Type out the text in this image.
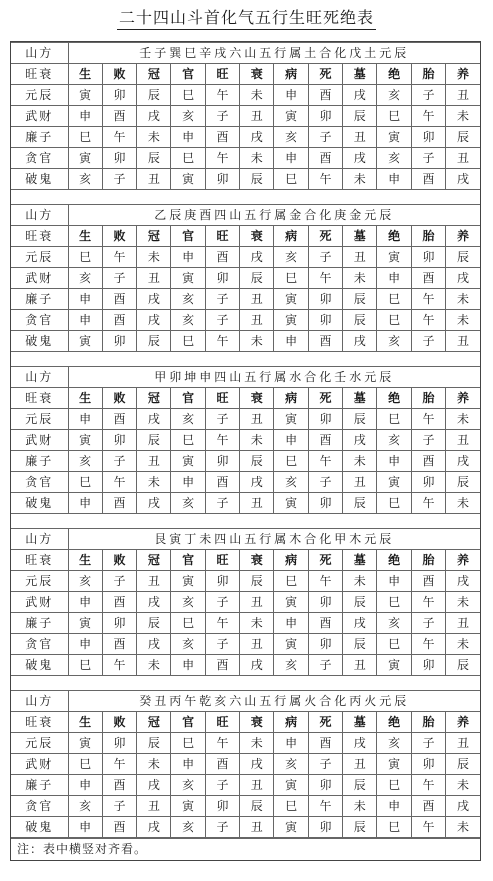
二十四山斗首化气五行生旺死绝表
山方	壬子巽巳辛戌六山五行属土合化戊土元辰											
旺衰	生	败	冠	官	旺	衰	病	死	墓	绝	胎	养
元辰	寅	卯	辰	巳	午	未	申	酉	戌	亥	子	丑
武财	申	酉	戌	亥	子	丑	寅	卯	辰	巳	午	未
廉子	巳	午	未	申	酉	戌	亥	子	丑	寅	卯	辰
贪官	寅	卯	辰	巳	午	未	申	酉	戌	亥	子	丑
破鬼	亥	子	丑	寅	卯	辰	巳	午	未	申	酉	戌

山方	乙辰庚酉四山五行属金合化庚金元辰											
旺衰	生	败	冠	官	旺	衰	病	死	墓	绝	胎	养
元辰	巳	午	未	申	酉	戌	亥	子	丑	寅	卯	辰
武财	亥	子	丑	寅	卯	辰	巳	午	未	申	酉	戌
廉子	申	酉	戌	亥	子	丑	寅	卯	辰	巳	午	未
贪官	申	酉	戌	亥	子	丑	寅	卯	辰	巳	午	未
破鬼	寅	卯	辰	巳	午	未	申	酉	戌	亥	子	丑

山方	甲卯坤申四山五行属水合化壬水元辰											
旺衰	生	败	冠	官	旺	衰	病	死	墓	绝	胎	养
元辰	申	酉	戌	亥	子	丑	寅	卯	辰	巳	午	未
武财	寅	卯	辰	巳	午	未	申	酉	戌	亥	子	丑
廉子	亥	子	丑	寅	卯	辰	巳	午	未	申	酉	戌
贪官	巳	午	未	申	酉	戌	亥	子	丑	寅	卯	辰
破鬼	申	酉	戌	亥	子	丑	寅	卯	辰	巳	午	未

山方	艮寅丁未四山五行属木合化甲木元辰											
旺衰	生	败	冠	官	旺	衰	病	死	墓	绝	胎	养
元辰	亥	子	丑	寅	卯	辰	巳	午	未	申	酉	戌
武财	申	酉	戌	亥	子	丑	寅	卯	辰	巳	午	未
廉子	寅	卯	辰	巳	午	未	申	酉	戌	亥	子	丑
贪官	申	酉	戌	亥	子	丑	寅	卯	辰	巳	午	未
破鬼	巳	午	未	申	酉	戌	亥	子	丑	寅	卯	辰

山方	癸丑丙午乾亥六山五行属火合化丙火元辰											
旺衰	生	败	冠	官	旺	衰	病	死	墓	绝	胎	养
元辰	寅	卯	辰	巳	午	未	申	酉	戌	亥	子	丑
武财	巳	午	未	申	酉	戌	亥	子	丑	寅	卯	辰
廉子	申	酉	戌	亥	子	丑	寅	卯	辰	巳	午	未
贪官	亥	子	丑	寅	卯	辰	巳	午	未	申	酉	戌
破鬼	申	酉	戌	亥	子	丑	寅	卯	辰	巳	午	未
注：表中横竖对齐看。
